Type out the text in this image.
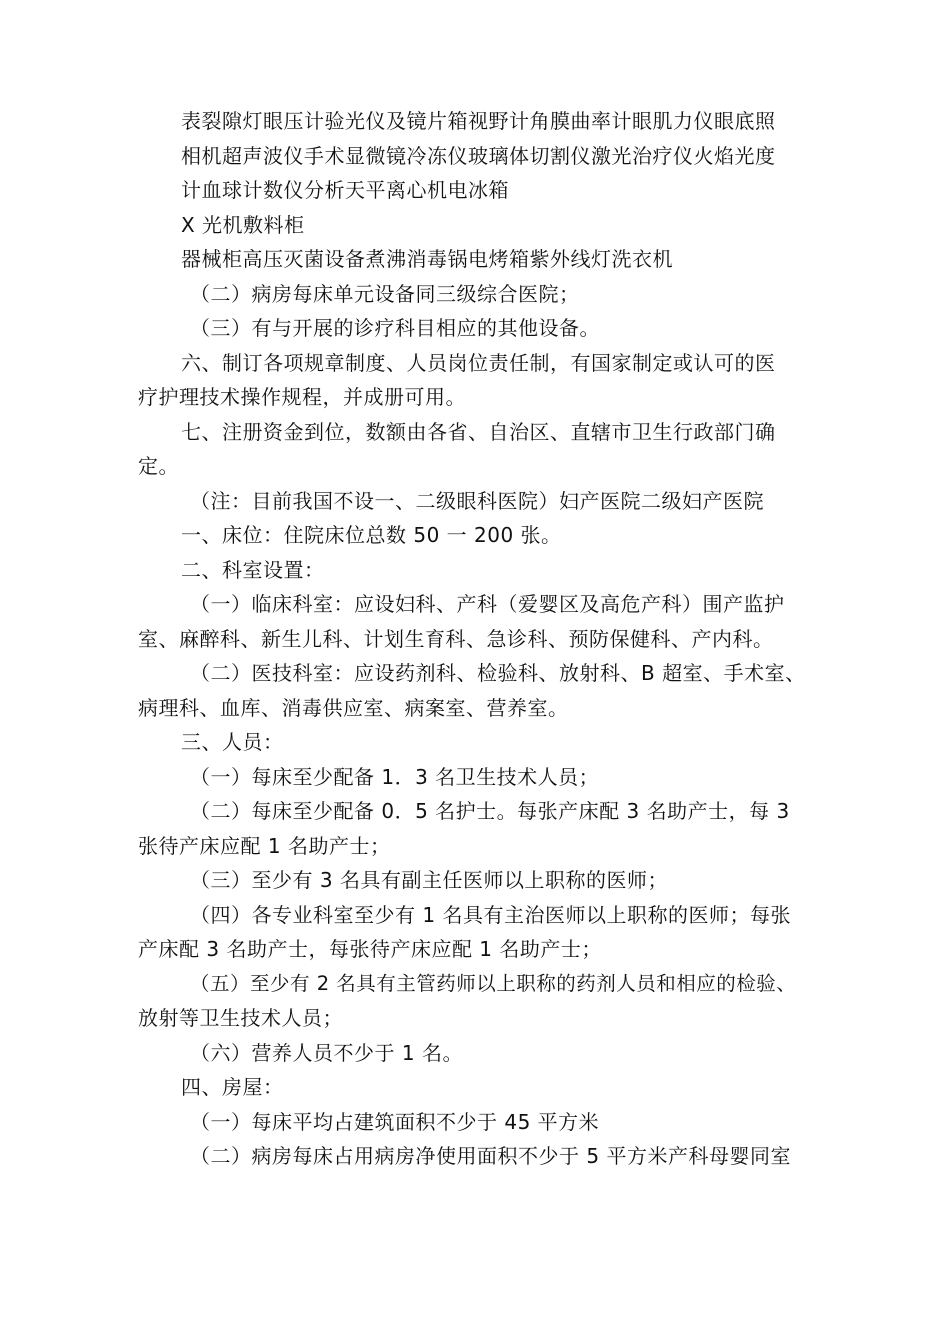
表裂隙灯眼压计验光仪及镜片箱视野计角膜曲率计眼肌力仪眼底照

相机超声波仪手术显微镜冷冻仪玻璃体切割仪激光治疗仪火焰光度

计血球计数仪分析天平离心机电冰箱

X 光机敷料柜

器械柜高压灭菌设备煮沸消毒锅电烤箱紫外线灯洗衣机

（二）病房每床单元设备同三级综合医院；

（三）有与开展的诊疗科目相应的其他设备。

六、制订各项规章制度、人员岗位责任制，有国家制定或认可的医

疗护理技术操作规程，并成册可用。

七、注册资金到位，数额由各省、自治区、直辖市卫生行政部门确

定。

（注：目前我国不设一、二级眼科医院）妇产医院二级妇产医院

一、床位：住院床位总数 50 一 200 张。

二、科室设置：

（一）临床科室：应设妇科、产科（爱婴区及高危产科）围产监护

室、麻醉科、新生儿科、计划生育科、急诊科、预防保健科、产内科。

（二）医技科室：应设药剂科、检验科、放射科、B 超室、手术室、

病理科、血库、消毒供应室、病案室、营养室。

三、人员：

（一）每床至少配备 1．3 名卫生技术人员；

（二）每床至少配备 0．5 名护士。每张产床配 3 名助产士，每 3

张待产床应配 1 名助产士；

（三）至少有 3 名具有副主任医师以上职称的医师；

（四）各专业科室至少有 1 名具有主治医师以上职称的医师；每张

产床配 3 名助产士，每张待产床应配 1 名助产士；

（五）至少有 2 名具有主管药师以上职称的药剂人员和相应的检验、

放射等卫生技术人员；

（六）营养人员不少于 1 名。

四、房屋：

（一）每床平均占建筑面积不少于 45 平方米

（二）病房每床占用病房净使用面积不少于 5 平方米产科母婴同室
